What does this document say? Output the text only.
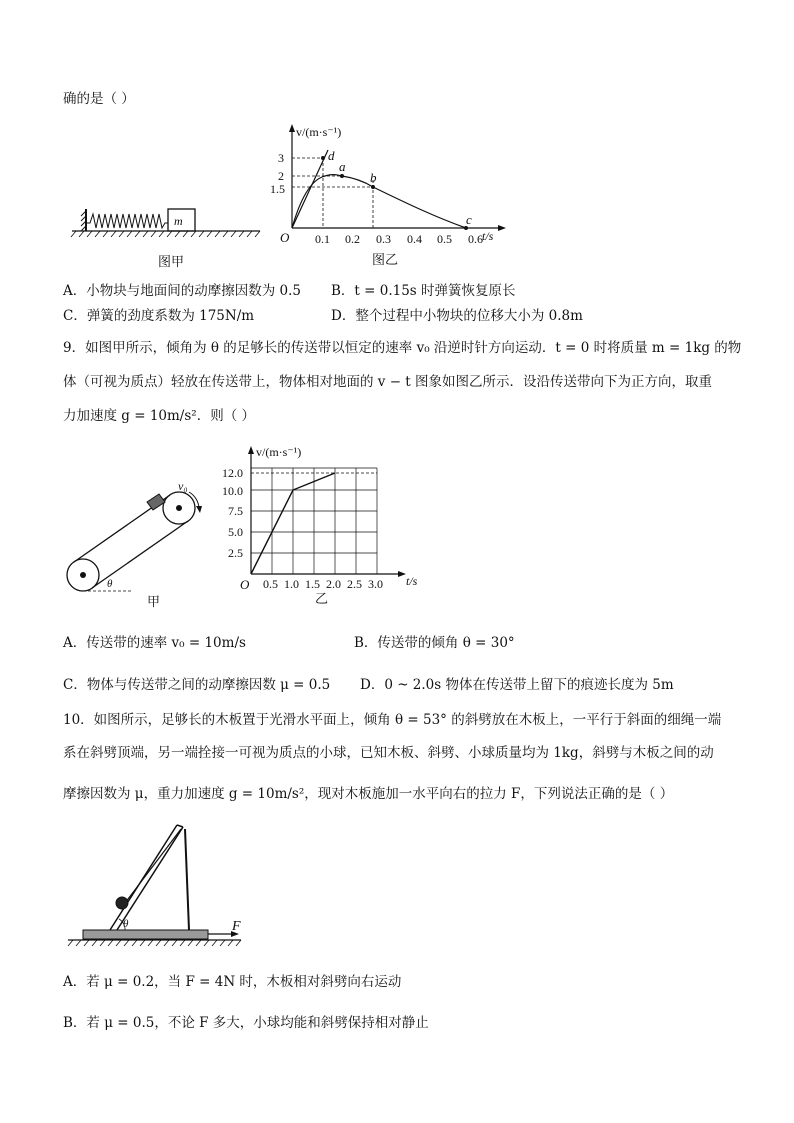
确的是（ ）
m
图甲
v/(m·s⁻¹)
t/s
O
3
2
1.5
0.1 0.2 0.3 0.4 0.5 0.6
d
a
b
c
图乙
A．小物块与地面间的动摩擦因数为 0.5 B．t = 0.15s 时弹簧恢复原长
C．弹簧的劲度系数为 175N/m	D．整个过程中小物块的位移大小为 0.8m
9．如图甲所示，倾角为 θ 的足够长的传送带以恒定的速率 v₀ 沿逆时针方向运动．t = 0 时将质量 m = 1kg 的物
体（可视为质点）轻放在传送带上，物体相对地面的 v − t 图象如图乙所示．设沿传送带向下为正方向，取重
力加速度 g = 10m/s²．则（ ）
v₀
θ
甲
v/(m·s⁻¹)
t/s
O
2.5
5.0
7.5
10.0
12.0
0.5 1.0 1.5 2.0 2.5 3.0
乙
A．传送带的速率 v₀ = 10m/s	B．传送带的倾角 θ = 30°
C．物体与传送带之间的动摩擦因数 μ = 0.5 D．0 ~ 2.0s 物体在传送带上留下的痕迹长度为 5m
10．如图所示，足够长的木板置于光滑水平面上，倾角 θ = 53° 的斜劈放在木板上，一平行于斜面的细绳一端
系在斜劈顶端，另一端拴接一可视为质点的小球，已知木板、斜劈、小球质量均为 1kg，斜劈与木板之间的动
摩擦因数为 μ，重力加速度 g = 10m/s²，现对木板施加一水平向右的拉力 F，下列说法正确的是（ ）
θ	F
A．若 μ = 0.2，当 F = 4N 时，木板相对斜劈向右运动
B．若 μ = 0.5，不论 F 多大，小球均能和斜劈保持相对静止
